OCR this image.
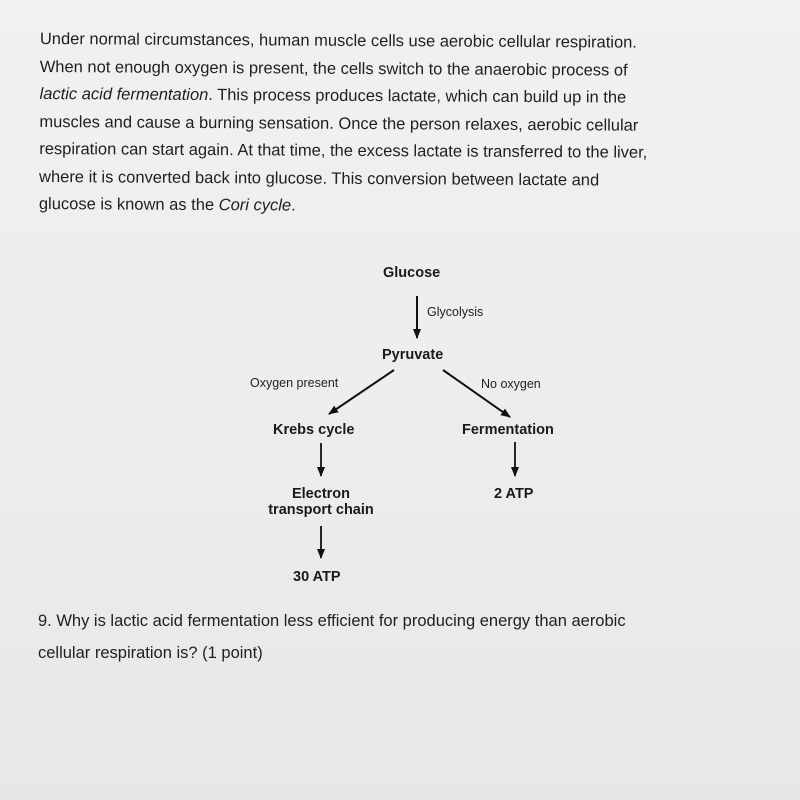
Under normal circumstances, human muscle cells use aerobic cellular respiration.
When not enough oxygen is present, the cells switch to the anaerobic process of
lactic acid fermentation. This process produces lactate, which can build up in the
muscles and cause a burning sensation. Once the person relaxes, aerobic cellular
respiration can start again. At that time, the excess lactate is transferred to the liver,
where it is converted back into glucose. This conversion between lactate and
glucose is known as the Cori cycle.
Glucose
Glycolysis
Pyruvate
Oxygen present	No oxygen
Krebs cycle	Fermentation
Electron
transport chain
2 ATP
30 ATP
9. Why is lactic acid fermentation less efficient for producing energy than aerobic
cellular respiration is? (1 point)
